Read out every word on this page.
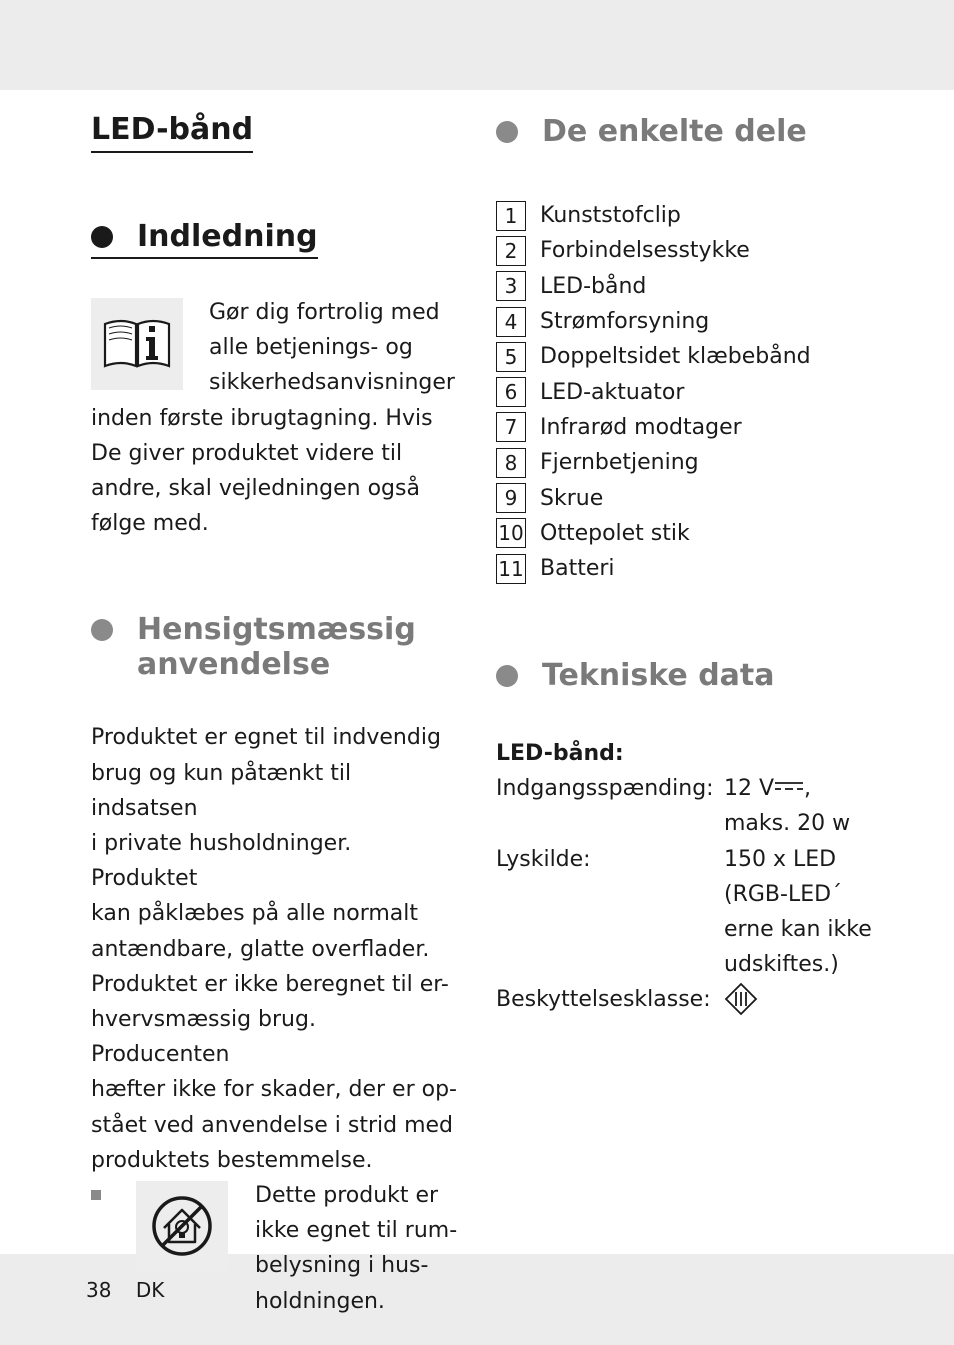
LED-bånd
Indledning

Gør dig fortrolig med alle betjenings- og sikkerhedsanvisninger inden første ibrugtagning. Hvis De giver produktet videre til andre, skal vejledningen også følge med.

Hensigtsmæssig
anvendelse

Produktet er egnet til indvendig

brug og kun påtænkt til indsatsen

i private husholdninger. Produktet

kan påklæbes på alle normalt

antændbare, glatte overflader.

Produktet er ikke beregnet til er-

hvervsmæssig brug. Producenten

hæfter ikke for skader, der er op-

stået ved anvendelse i strid med

produktets bestemmelse.

Dette produkt er
ikke egnet til rum-
belysning i hus-
holdningen.
De enkelte dele
1	Kunststofclip
2	Forbindelsesstykke
3	LED-bånd
4	Strømforsyning
5	Doppeltsidet klæbebånd
6	LED-aktuator
7	Infrarød modtager
8	Fjernbetjening
9	Skrue
10 Ottepolet stik
11 Batteri
Tekniske data

LED-bånd:

Indgangsspænding: 12 V ,
maks. 20 w
Lyskilde:	150 x LED
(RGB-LED´
erne kan ikke
udskiftes.)
Beskyttelsesklasse:
38 DK
